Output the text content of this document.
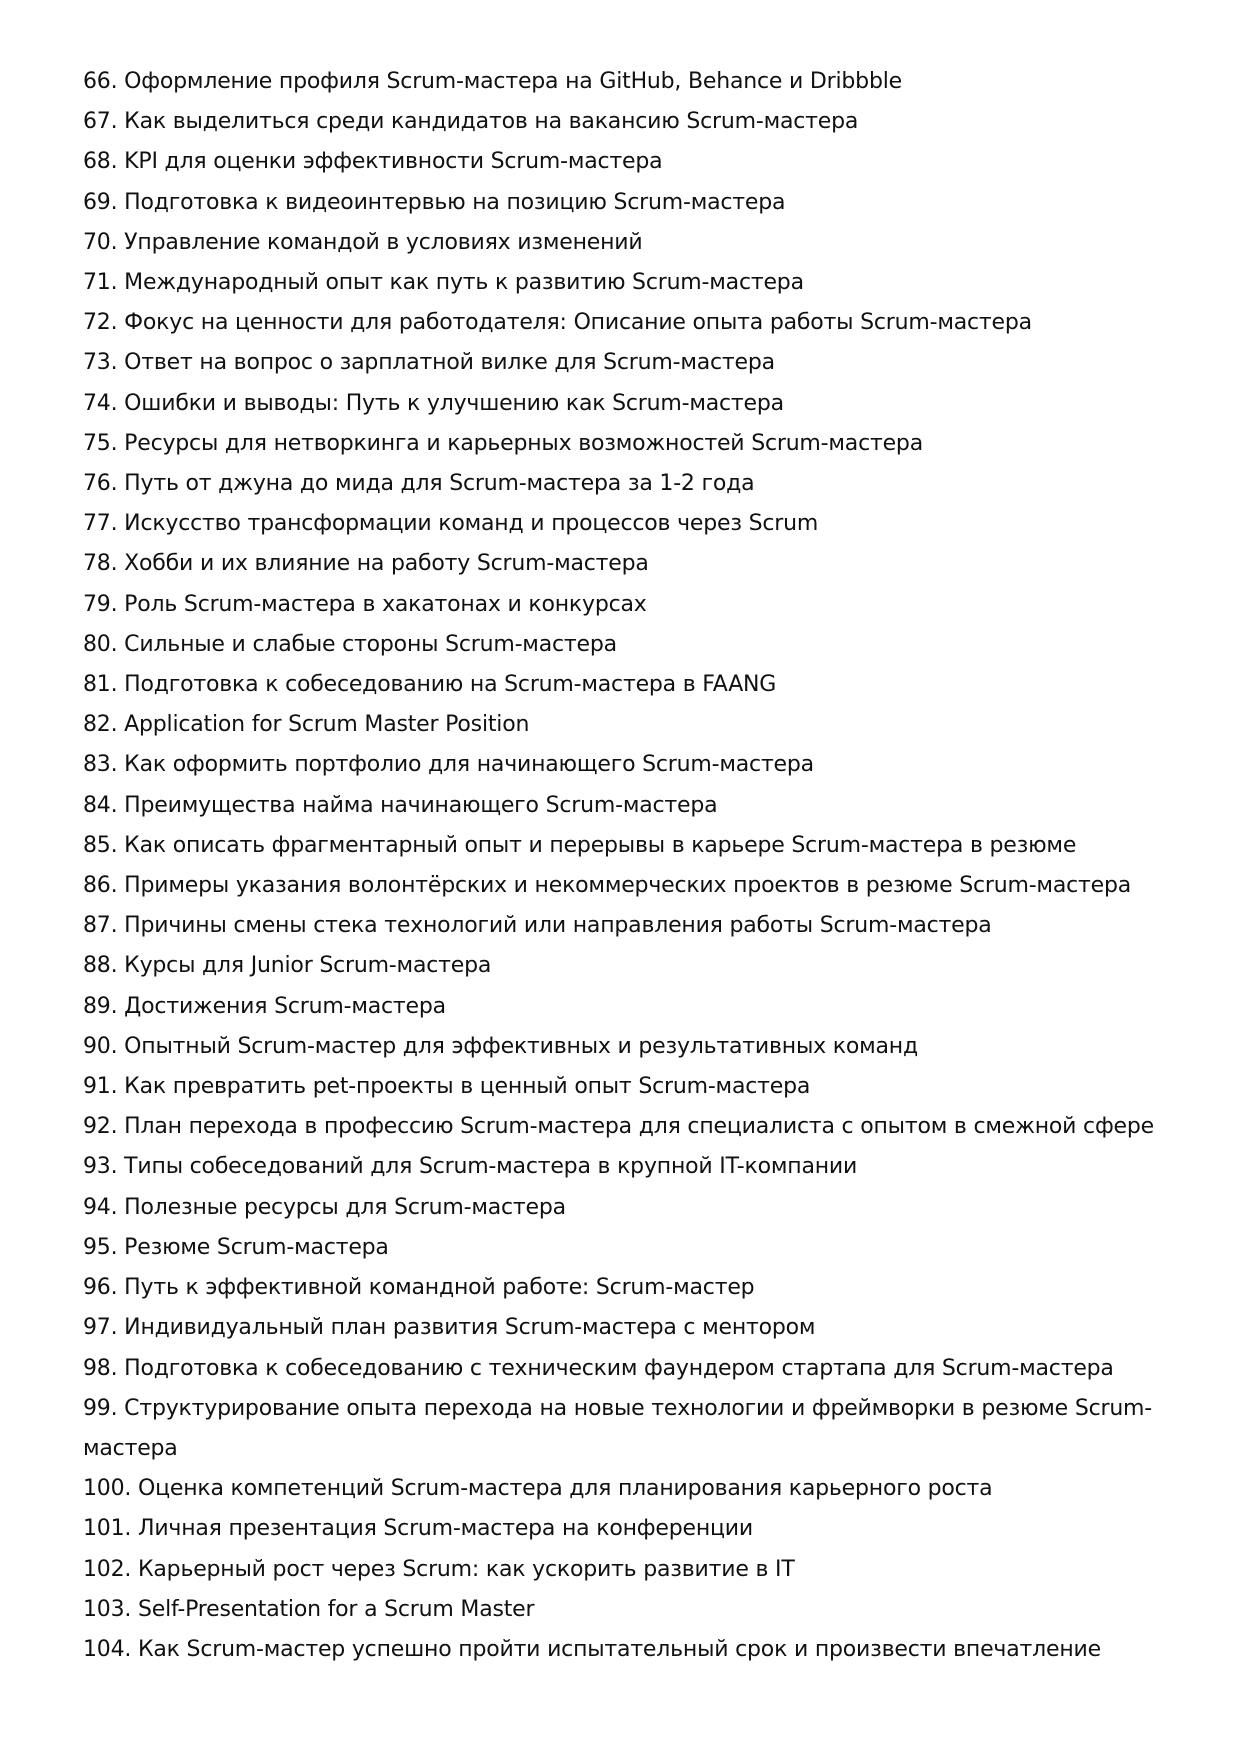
66. Оформление профиля Scrum-мастера на GitHub, Behance и Dribbble
67. Как выделиться среди кандидатов на вакансию Scrum-мастера
68. KPI для оценки эффективности Scrum-мастера
69. Подготовка к видеоинтервью на позицию Scrum-мастера
70. Управление командой в условиях изменений
71. Международный опыт как путь к развитию Scrum-мастера
72. Фокус на ценности для работодателя: Описание опыта работы Scrum-мастера
73. Ответ на вопрос о зарплатной вилке для Scrum-мастера
74. Ошибки и выводы: Путь к улучшению как Scrum-мастера
75. Ресурсы для нетворкинга и карьерных возможностей Scrum-мастера
76. Путь от джуна до мида для Scrum-мастера за 1-2 года
77. Искусство трансформации команд и процессов через Scrum
78. Хобби и их влияние на работу Scrum-мастера
79. Роль Scrum-мастера в хакатонах и конкурсах
80. Сильные и слабые стороны Scrum-мастера
81. Подготовка к собеседованию на Scrum-мастера в FAANG
82. Application for Scrum Master Position
83. Как оформить портфолио для начинающего Scrum-мастера
84. Преимущества найма начинающего Scrum-мастера
85. Как описать фрагментарный опыт и перерывы в карьере Scrum-мастера в резюме
86. Примеры указания волонтёрских и некоммерческих проектов в резюме Scrum-мастера
87. Причины смены стека технологий или направления работы Scrum-мастера
88. Курсы для Junior Scrum-мастера
89. Достижения Scrum-мастера
90. Опытный Scrum-мастер для эффективных и результативных команд
91. Как превратить pet-проекты в ценный опыт Scrum-мастера
92. План перехода в профессию Scrum-мастера для специалиста с опытом в смежной сфере
93. Типы собеседований для Scrum-мастера в крупной IT-компании
94. Полезные ресурсы для Scrum-мастера
95. Резюме Scrum-мастера
96. Путь к эффективной командной работе: Scrum-мастер
97. Индивидуальный план развития Scrum-мастера с ментором
98. Подготовка к собеседованию с техническим фаундером стартапа для Scrum-мастера
99. Структурирование опыта перехода на новые технологии и фреймворки в резюме Scrum-мастера
100. Оценка компетенций Scrum-мастера для планирования карьерного роста
101. Личная презентация Scrum-мастера на конференции
102. Карьерный рост через Scrum: как ускорить развитие в IT
103. Self-Presentation for a Scrum Master
104. Как Scrum-мастер успешно пройти испытательный срок и произвести впечатление
